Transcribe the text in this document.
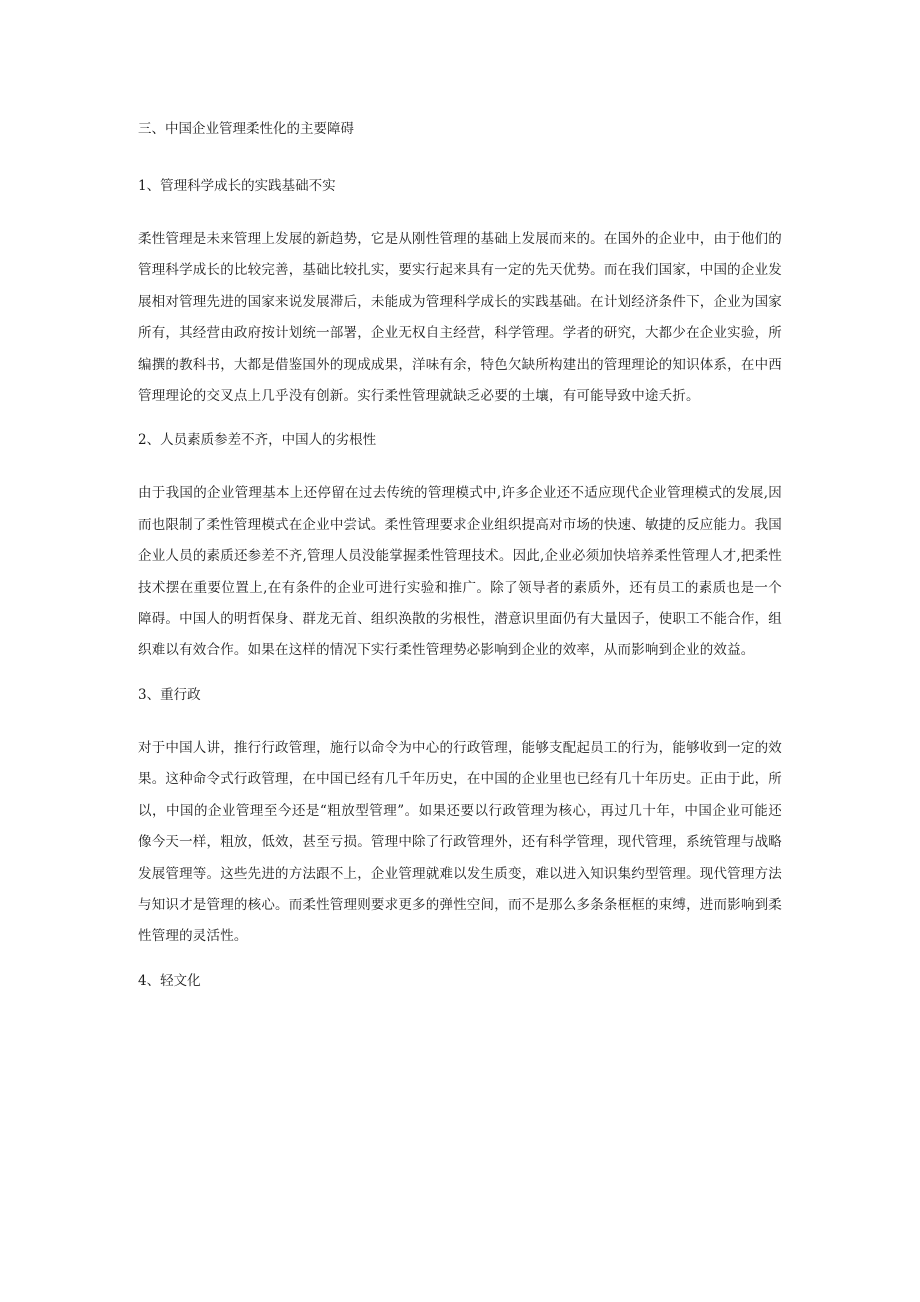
三、中国企业管理柔性化的主要障碍

1、管理科学成长的实践基础不实

柔性管理是未来管理上发展的新趋势，它是从刚性管理的基础上发展而来的。在国外的企业中，由于他们的管理科学成长的比较完善，基础比较扎实，要实行起来具有一定的先天优势。而在我们国家，中国的企业发展相对管理先进的国家来说发展滞后，未能成为管理科学成长的实践基础。在计划经济条件下，企业为国家所有，其经营由政府按计划统一部署，企业无权自主经营，科学管理。学者的研究，大都少在企业实验，所编撰的教科书，大都是借鉴国外的现成成果，洋味有余，特色欠缺所构建出的管理理论的知识体系，在中西管理理论的交叉点上几乎没有创新。实行柔性管理就缺乏必要的土壤，有可能导致中途夭折。

2、人员素质参差不齐，中国人的劣根性

由于我国的企业管理基本上还停留在过去传统的管理模式中,许多企业还不适应现代企业管理模式的发展,因而也限制了柔性管理模式在企业中尝试。柔性管理要求企业组织提高对市场的快速、敏捷的反应能力。我国企业人员的素质还参差不齐,管理人员没能掌握柔性管理技术。因此,企业必须加快培养柔性管理人才,把柔性技术摆在重要位置上,在有条件的企业可进行实验和推广。除了领导者的素质外，还有员工的素质也是一个障碍。中国人的明哲保身、群龙无首、组织涣散的劣根性，潜意识里面仍有大量因子，使职工不能合作，组织难以有效合作。如果在这样的情况下实行柔性管理势必影响到企业的效率，从而影响到企业的效益。

3、重行政

对于中国人讲，推行行政管理，施行以命令为中心的行政管理，能够支配起员工的行为，能够收到一定的效果。这种命令式行政管理，在中国已经有几千年历史，在中国的企业里也已经有几十年历史。正由于此，所以，中国的企业管理至今还是“粗放型管理”。如果还要以行政管理为核心，再过几十年，中国企业可能还像今天一样，粗放，低效，甚至亏损。管理中除了行政管理外，还有科学管理，现代管理，系统管理与战略发展管理等。这些先进的方法跟不上，企业管理就难以发生质变，难以进入知识集约型管理。现代管理方法与知识才是管理的核心。而柔性管理则要求更多的弹性空间，而不是那么多条条框框的束缚，进而影响到柔性管理的灵活性。

4、轻文化
